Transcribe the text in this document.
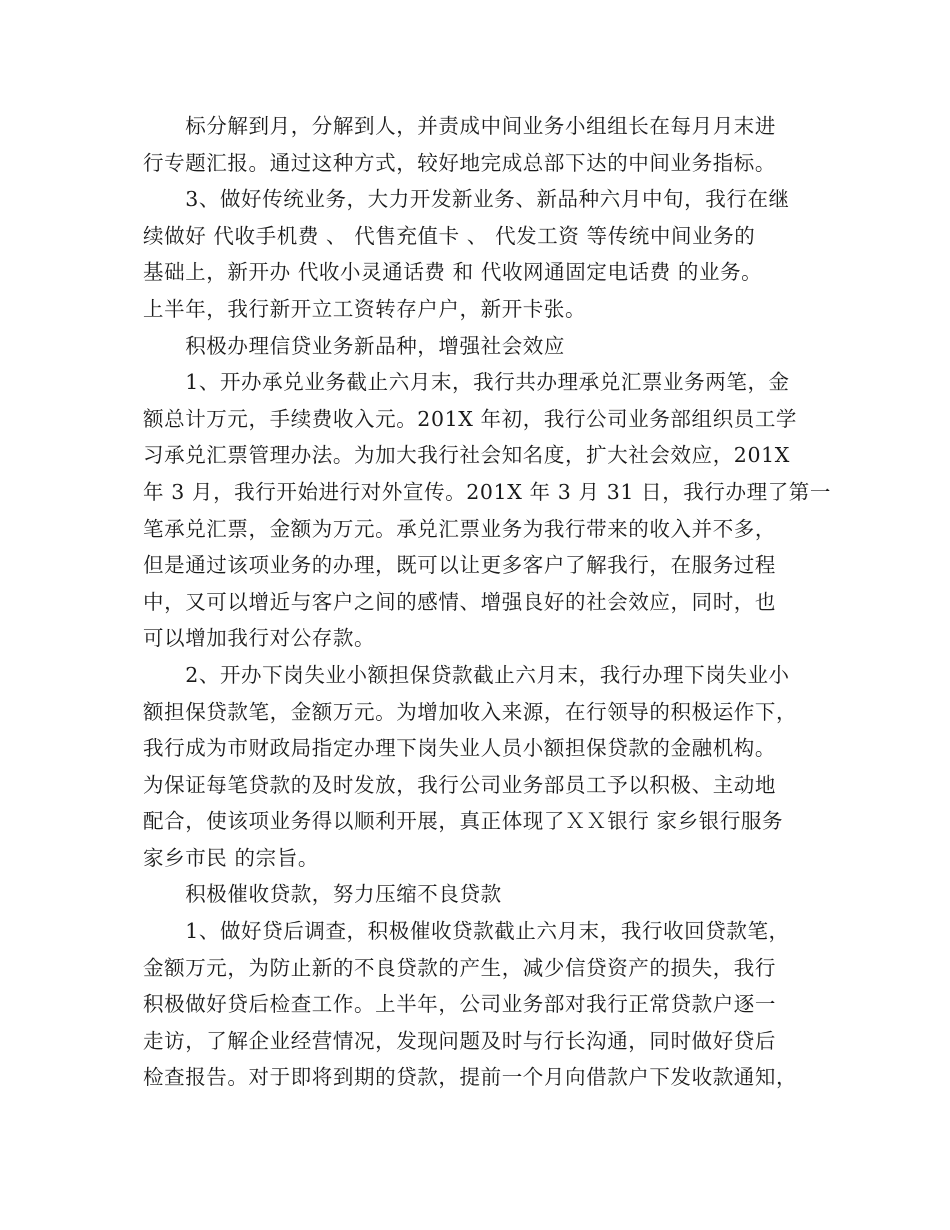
　　标分解到月，分解到人，并责成中间业务小组组长在每月月末进
行专题汇报。通过这种方式，较好地完成总部下达的中间业务指标。
　　3、做好传统业务，大力开发新业务、新品种六月中旬，我行在继
续做好 代收手机费 、 代售充值卡 、 代发工资 等传统中间业务的
基础上，新开办 代收小灵通话费 和 代收网通固定电话费 的业务。
上半年，我行新开立工资转存户户，新开卡张。
　　积极办理信贷业务新品种，增强社会效应
　　1、开办承兑业务截止六月末，我行共办理承兑汇票业务两笔，金
额总计万元，手续费收入元。201X 年初，我行公司业务部组织员工学
习承兑汇票管理办法。为加大我行社会知名度，扩大社会效应，201X
年 3 月，我行开始进行对外宣传。201X 年 3 月 31 日，我行办理了第一
笔承兑汇票，金额为万元。承兑汇票业务为我行带来的收入并不多，
但是通过该项业务的办理，既可以让更多客户了解我行，在服务过程
中，又可以增近与客户之间的感情、增强良好的社会效应，同时，也
可以增加我行对公存款。
　　2、开办下岗失业小额担保贷款截止六月末，我行办理下岗失业小
额担保贷款笔，金额万元。为增加收入来源，在行领导的积极运作下，
我行成为市财政局指定办理下岗失业人员小额担保贷款的金融机构。
为保证每笔贷款的及时发放，我行公司业务部员工予以积极、主动地
配合，使该项业务得以顺利开展，真正体现了ＸＸ银行 家乡银行服务
家乡市民 的宗旨。
　　积极催收贷款，努力压缩不良贷款
　　1、做好贷后调查，积极催收贷款截止六月末，我行收回贷款笔，
金额万元，为防止新的不良贷款的产生，减少信贷资产的损失，我行
积极做好贷后检查工作。上半年，公司业务部对我行正常贷款户逐一
走访，了解企业经营情况，发现问题及时与行长沟通，同时做好贷后
检查报告。对于即将到期的贷款，提前一个月向借款户下发收款通知，
